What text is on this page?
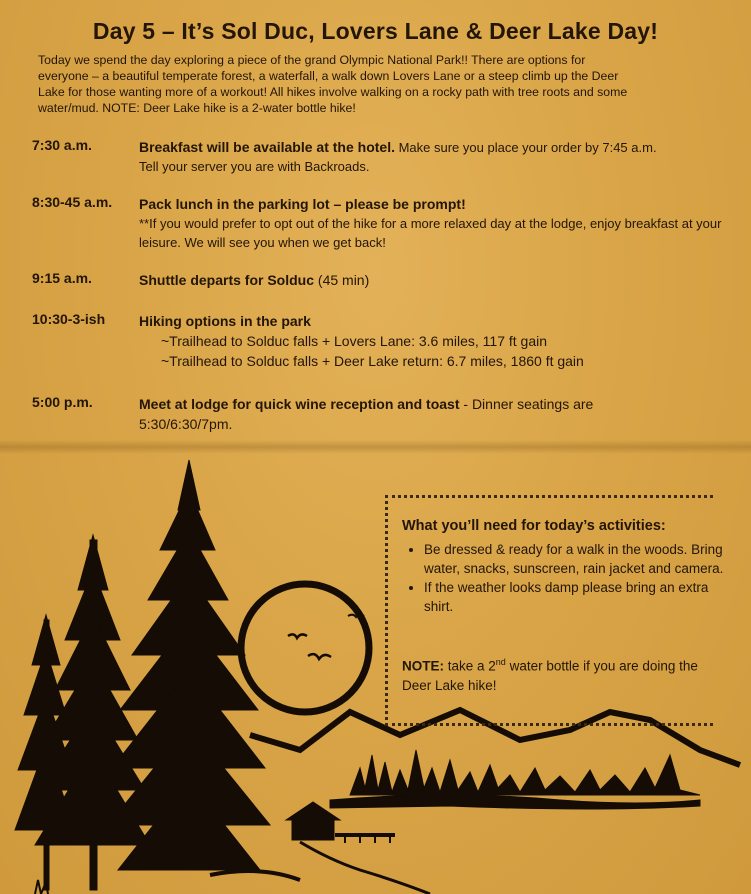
Day 5 – It’s Sol Duc, Lovers Lane & Deer Lake Day!
Today we spend the day exploring a piece of the grand Olympic National Park!! There are options for
everyone – a beautiful temperate forest, a waterfall, a walk down Lovers Lane or a steep climb up the Deer
Lake for those wanting more of a workout! All hikes involve walking on a rocky path with tree roots and some
water/mud. NOTE: Deer Lake hike is a 2-water bottle hike!
7:30 a.m.	Breakfast will be available at the hotel. Make sure you place your order by 7:45 a.m.
Tell your server you are with Backroads.
8:30-45 a.m. Pack lunch in the parking lot – please be prompt!
**If you would prefer to opt out of the hike for a more relaxed day at the lodge, enjoy breakfast at your leisure. We will see you when we get back!
9:15 a.m.	Shuttle departs for Solduc (45 min)
10:30-3-ish Hiking options in the park
~Trailhead to Solduc falls + Lovers Lane: 3.6 miles, 117 ft gain
~Trailhead to Solduc falls + Deer Lake return: 6.7 miles, 1860 ft gain
5:00 p.m.	Meet at lodge for quick wine reception and toast - Dinner seatings are
5:30/6:30/7pm.
What you’ll need for today’s activities:
• Be dressed & ready for a walk in the woods. Bring water, snacks, sunscreen, rain jacket and camera.
• If the weather looks damp please bring an extra shirt.
NOTE: take a 2nd water bottle if you are doing the Deer Lake hike!
